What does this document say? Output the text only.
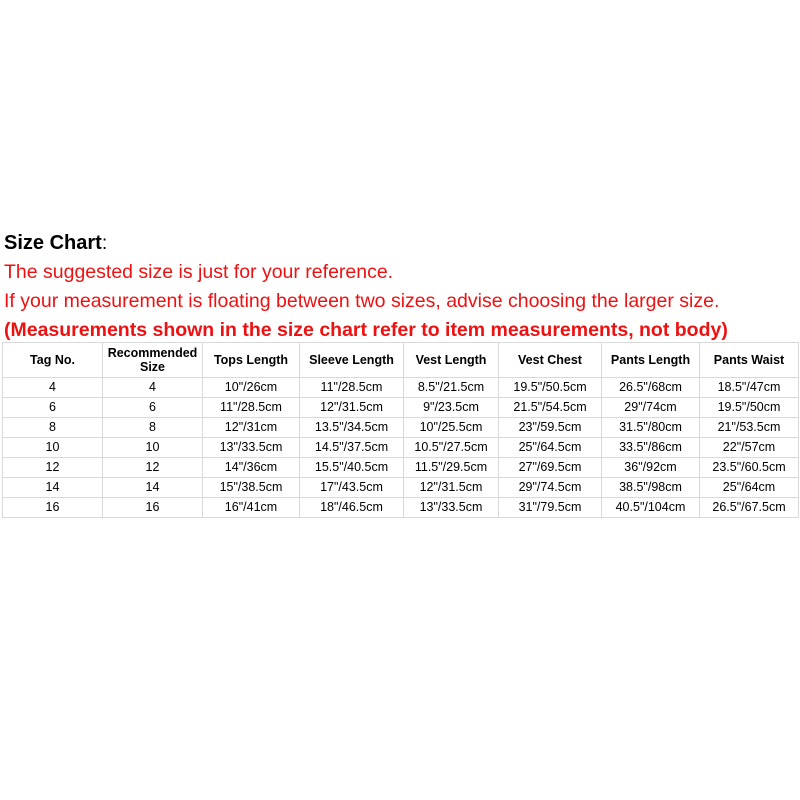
Size Chart:
The suggested size is just for your reference.
If your measurement is floating between two sizes, advise choosing the larger size.
(Measurements shown in the size chart refer to item measurements, not body)
Tag No.	Recommended Size	Tops Length	Sleeve Length	Vest Length	Vest Chest	Pants Length	Pants Waist
4	4	10"/26cm	11"/28.5cm	8.5"/21.5cm	19.5"/50.5cm	26.5"/68cm	18.5"/47cm
6	6	11"/28.5cm	12"/31.5cm	9"/23.5cm	21.5"/54.5cm	29"/74cm	19.5"/50cm
8	8	12"/31cm	13.5"/34.5cm	10"/25.5cm	23"/59.5cm	31.5"/80cm	21"/53.5cm
10	10	13"/33.5cm	14.5"/37.5cm	10.5"/27.5cm	25"/64.5cm	33.5"/86cm	22"/57cm
12	12	14"/36cm	15.5"/40.5cm	11.5"/29.5cm	27"/69.5cm	36"/92cm	23.5"/60.5cm
14	14	15"/38.5cm	17"/43.5cm	12"/31.5cm	29"/74.5cm	38.5"/98cm	25"/64cm
16	16	16"/41cm	18"/46.5cm	13"/33.5cm	31"/79.5cm	40.5"/104cm	26.5"/67.5cm
